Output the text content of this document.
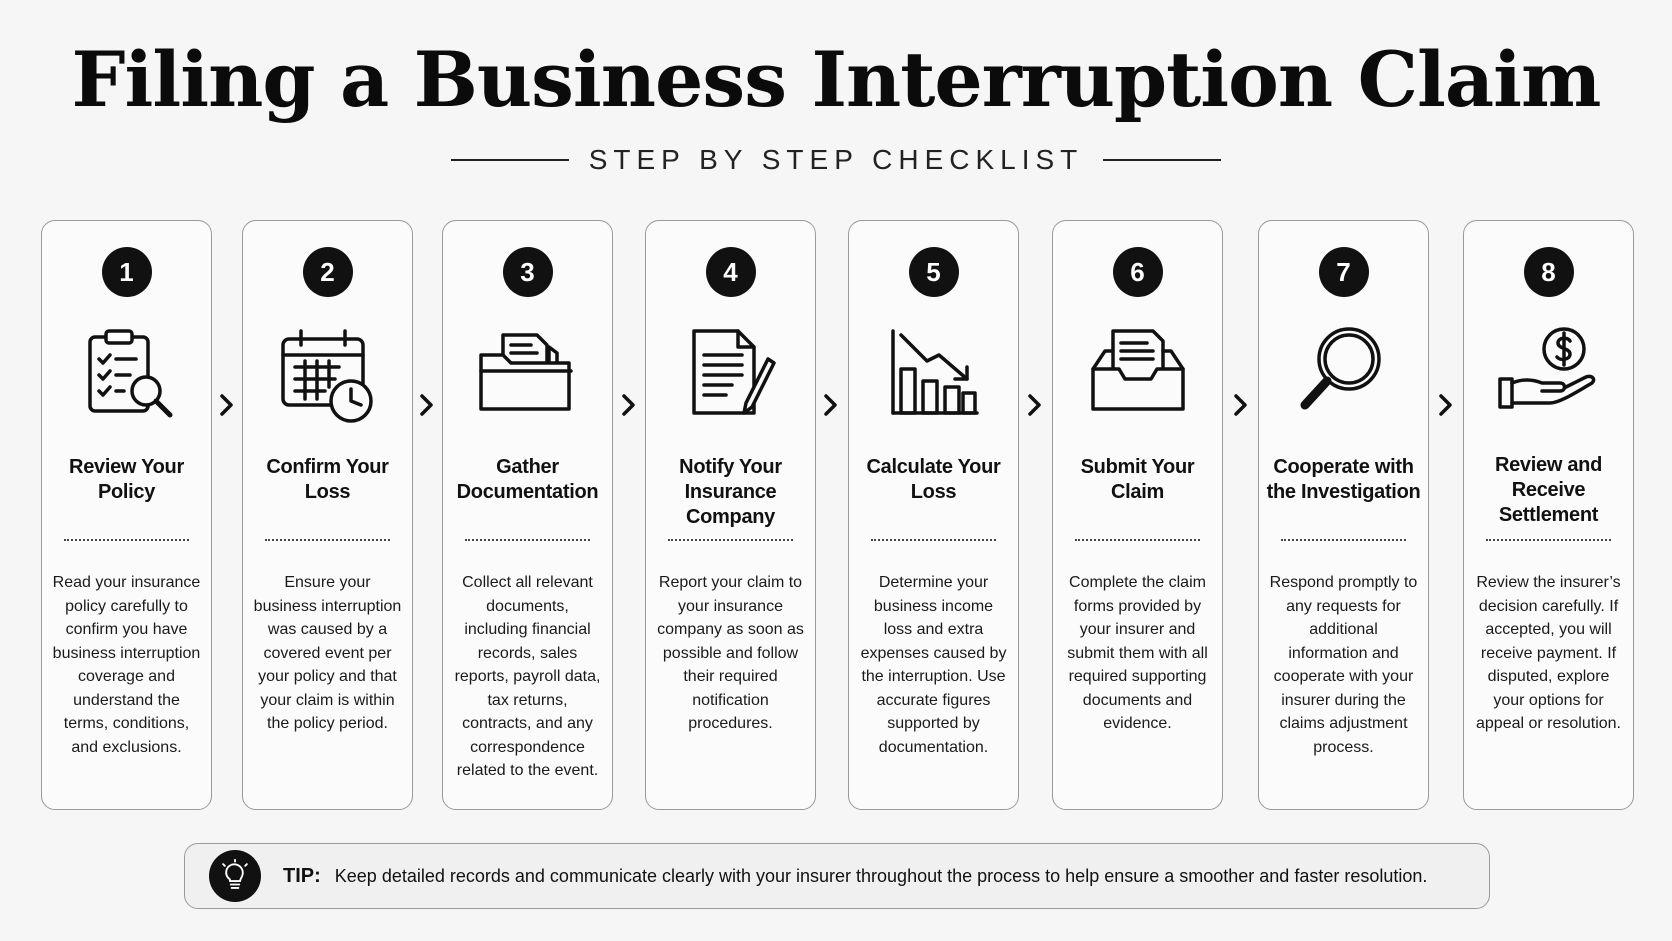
Filing a Business Interruption Claim
STEP BY STEP CHECKLIST
1
Review Your Policy
Read your insurance policy carefully to confirm you have business interruption coverage and understand the terms, conditions, and exclusions.
2
Confirm Your Loss
Ensure your business interruption was caused by a covered event per your policy and that your claim is within the policy period.
3
Gather Documentation
Collect all relevant documents, including financial records, sales reports, payroll data, tax returns, contracts, and any correspondence related to the event.
4
Notify Your Insurance Company
Report your claim to your insurance company as soon as possible and follow their required notification procedures.
5
Calculate Your Loss
Determine your business income loss and extra expenses caused by the interruption. Use accurate figures supported by documentation.
6
Submit Your Claim
Complete the claim forms provided by your insurer and submit them with all required supporting documents and evidence.
7
Cooperate with the Investigation
Respond promptly to any requests for additional information and cooperate with your insurer during the claims adjustment process.
8
Review and Receive Settlement
Review the insurer’s decision carefully. If accepted, you will receive payment. If disputed, explore your options for appeal or resolution.
TIP: Keep detailed records and communicate clearly with your insurer throughout the process to help ensure a smoother and faster resolution.
